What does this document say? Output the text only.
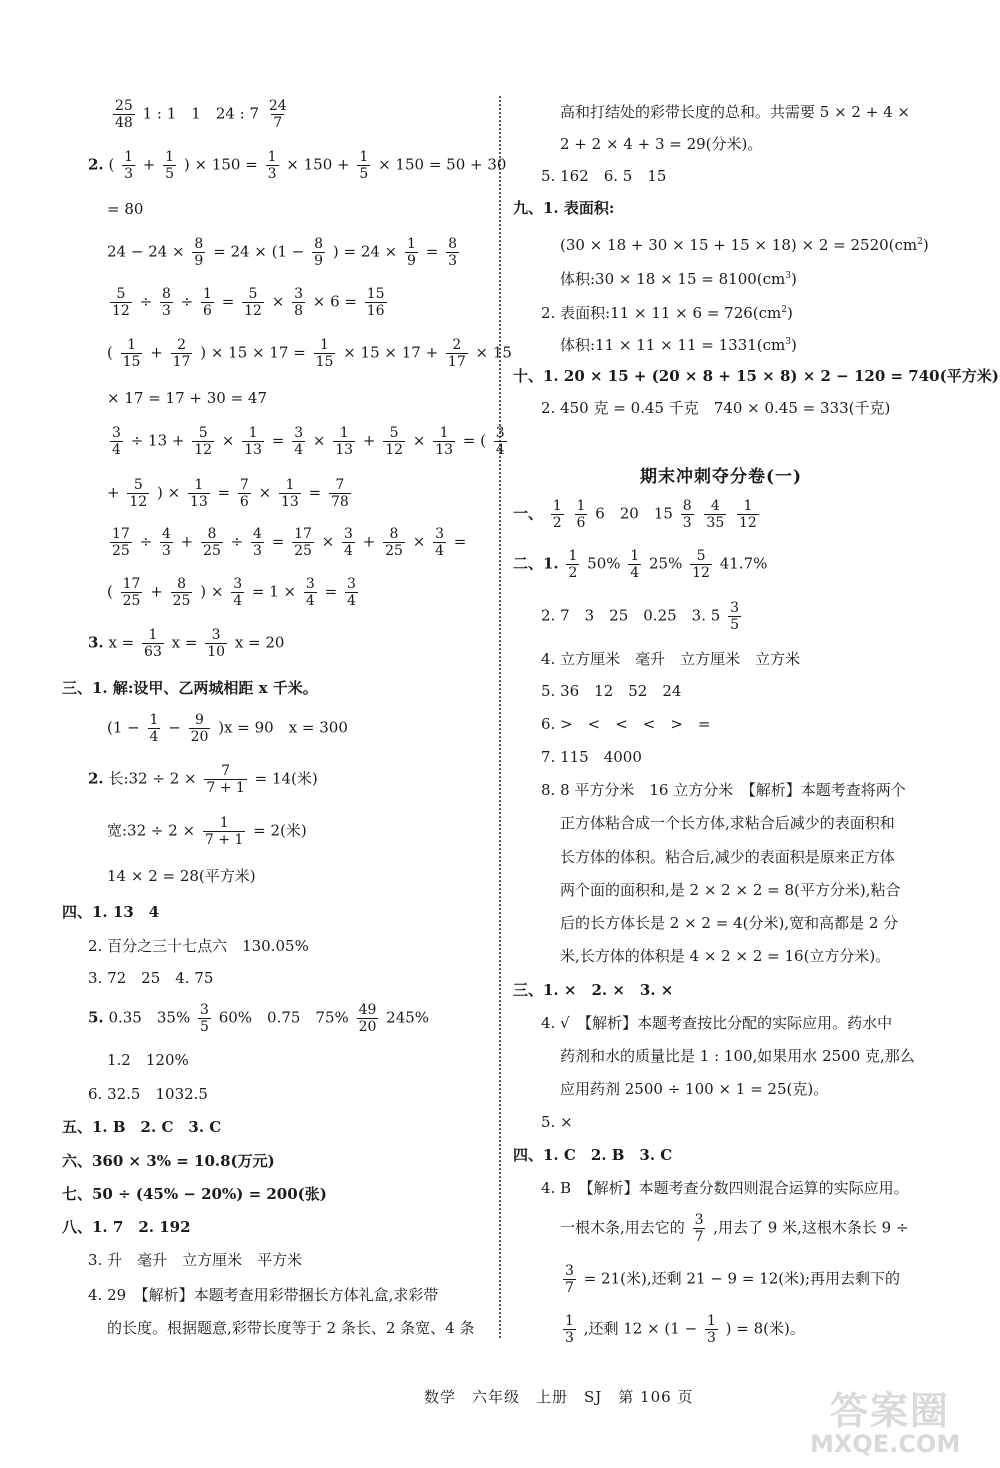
$\frac{25}{48} 1$ : 1　1　24 : $7 \frac{24}{7}$
2. ( $\frac{1}{3} + \frac{1}{5}$ ) × $150 = \frac{1}{3} \times 150 + \frac{1}{5} \times 150 = 50 + 30$
= 80
$24 - 24 \times \frac{8}{9} = 24 \times (1 - \frac{8}{9}$ ) = $24 \times \frac{1}{9} = \frac{8}{3}$
$\frac{5}{12} \div \frac{8}{3} \div \frac{1}{6} = \frac{5}{12} \times \frac{3}{8} \times 6 = \frac{15}{16}$
( $\frac{1}{15} + \frac{2}{17}$ ) × $15 \times 17 = \frac{1}{15} \times 15 \times 17 + \frac{2}{17} \times 15$
× 17 = 17 + 30 = 47
$\frac{3}{4} \div 13 + \frac{5}{12} \times \frac{1}{13} = \frac{3}{4} \times \frac{1}{13} + \frac{5}{12} \times \frac{1}{13}$ = ( $\frac{3}{4}$
+ $\frac{5}{12}$ ) × $\frac{1}{13} = \frac{7}{6} \times \frac{1}{13} = \frac{7}{78}$
$\frac{17}{25} \div \frac{4}{3} + \frac{8}{25} \div \frac{4}{3} = \frac{17}{25} \times \frac{3}{4} + \frac{8}{25} \times \frac{3}{4}$ =
( $\frac{17}{25} + \frac{8}{25}$ ) × $\frac{3}{4} = 1 \times \frac{3}{4} = \frac{3}{4}$
3. $x = \frac{1}{63}$ $x = \frac{3}{10}$ x = 20
三、1. 解:设甲、乙两城相距 x 千米。
$(1 - \frac{1}{4} - \frac{9}{20} )x = 90$　x = 300
2. 长:32 ÷ $2 \times \frac{7}{7 + 1} = 14$(米)
宽:32 ÷ $2 \times \frac{1}{7 + 1} = 2$(米)
14 × 2 = 28(平方米)
四、1. 13　4
2. 百分之三十七点六　130.05%
3. 72　25　4. 75
5. 0.35　$35\% \frac{3}{5} 60\%$　0.75　$75\% \frac{49}{20} 245\%$
1.2　120%
6. 32.5　1032.5
五、1. B　2. C　3. C
六、360 × 3% = 10.8(万元)
七、50 ÷ (45% − 20%) = 200(张)
八、1. 7　2. 192
3. 升　毫升　立方厘米　平方米
4. 29　【解析】本题考查用彩带捆长方体礼盒,求彩带
的长度。根据题意,彩带长度等于 2 条长、2 条宽、4 条
高和打结处的彩带长度的总和。共需要 5 × 2 + 4 ×
2 + 2 × 4 + 3 = 29(分米)。
5. 162　6. 5　15
九、1. 表面积:
$(30 \times 18 + 30 \times 15 + 15 \times 18) \times 2 = 2520(cm^2)$
体积:30 × $18 \times 15 = 8100(cm^3)$
2. 表面积:11 × $11 \times 6 = 726(cm^2)$
体积:11 × $11 \times 11 = 1331(cm^3)$
十、1. 20 × 15 + (20 × 8 + 15 × 8) × 2 − 120 = 740(平方米)
2. 450 克 = 0.45 千克　740 × 0.45 = 333(千克)
期末冲刺夺分卷(一)
一、 $\frac{1}{2}$
$\frac{1}{6} 6$　20　$15 \frac{8}{3}$
$\frac{4}{35}$
$\frac{1}{12}$
二、1. $\frac{1}{2} 50\% \frac{1}{4} 25\% \frac{5}{12} 41.7\%$
2. 7　3　25　0.25　3. $5 \frac{3}{5}$
4. 立方厘米　毫升　立方厘米　立方米
5. 36　12　52　24
6. >　<　<　<　>　=
7. 115　4000
8. 8 平方分米　16 立方分米　【解析】本题考查将两个
正方体粘合成一个长方体,求粘合后减少的表面积和
长方体的体积。粘合后,减少的表面积是原来正方体
两个面的面积和,是 2 × 2 × 2 = 8(平方分米),粘合
后的长方体长是 2 × 2 = 4(分米),宽和高都是 2 分
米,长方体的体积是 4 × 2 × 2 = 16(立方分米)。
三、1. ×　2. ×　3. ×
4. √　【解析】本题考查按比分配的实际应用。药水中
药剂和水的质量比是 1 : 100,如果用水 2500 克,那么
应用药剂 2500 ÷ 100 × 1 = 25(克)。
5. ×
四、1. C　2. B　3. C
4. B　【解析】本题考查分数四则混合运算的实际应用。
一根木条,用去它的 $\frac{3}{7}$ ,用去了 9 米,这根木条长 9 ÷
$\frac{3}{7} = 21$(米),还剩 21 − 9 = 12(米);再用去剩下的
$\frac{1}{3}$ ,还剩 $12 \times (1 - \frac{1}{3}$ ) = 8(米)。
数学　六年级　上册　SJ　第 106 页	答案圈
MXQE.COM
